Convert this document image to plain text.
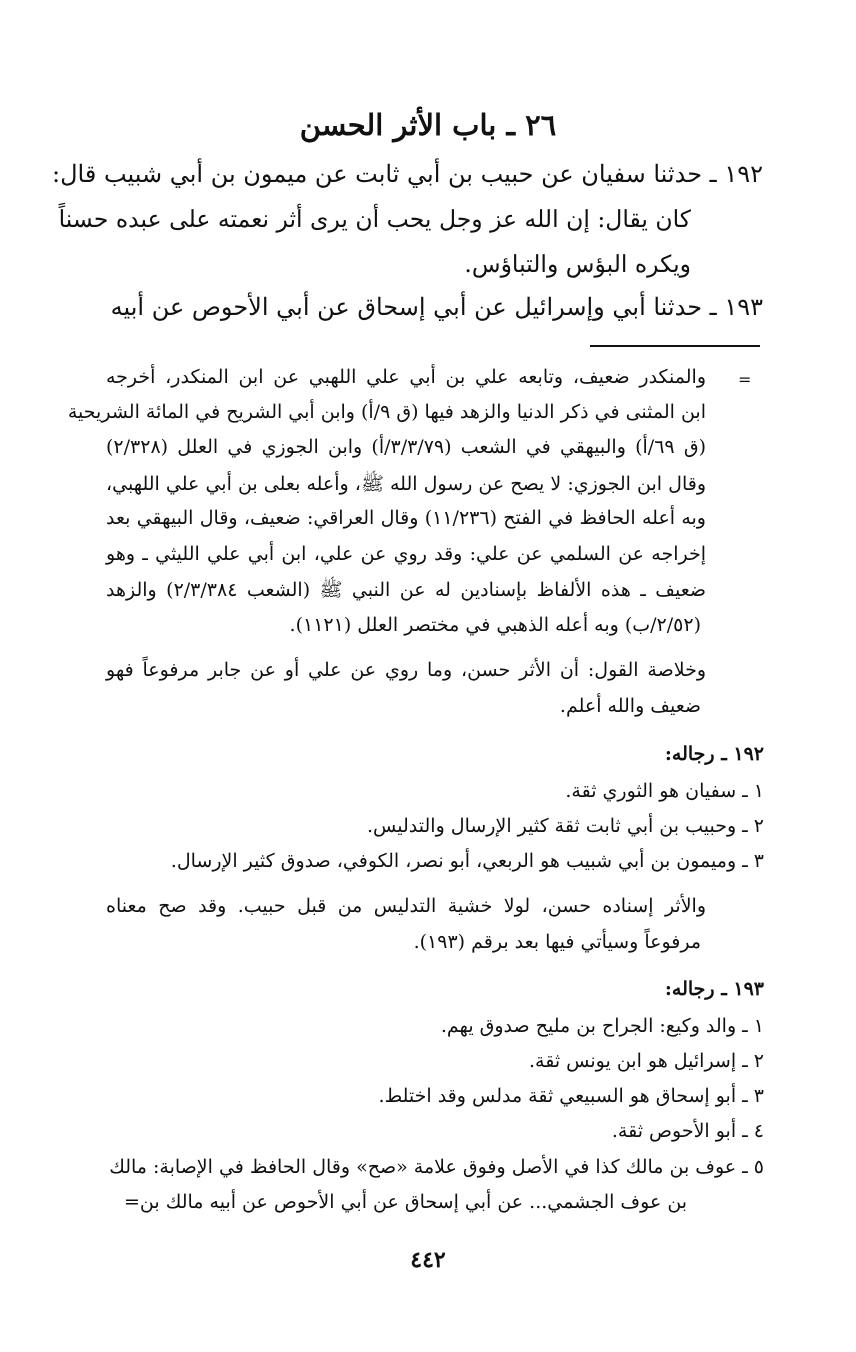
٢٦ ـ باب الأثر الحسن
١٩٢ ـ حدثنا سفيان عن حبيب بن أبي ثابت عن ميمون بن أبي شبيب قال:
كان يقال: إن الله عز وجل يحب أن يرى أثر نعمته على عبده حسناً
ويكره البؤس والتباؤس.
١٩٣ ـ حدثنا أبي وإسرائيل عن أبي إسحاق عن أبي الأحوص عن أبيه
=
والمنكدر ضعيف، وتابعه علي بن أبي علي اللهبي عن ابن المنكدر، أخرجه
ابن المثنى في ذكر الدنيا والزهد فيها (ق ٩/أ) وابن أبي الشريح في المائة الشريحية
(ق ٦٩/أ) والبيهقي في الشعب (٣/٣/٧٩/أ) وابن الجوزي في العلل (٢/٣٢٨)
وقال ابن الجوزي: لا يصح عن رسول الله ﷺ، وأعله بعلى بن أبي علي اللهبي،
وبه أعله الحافظ في الفتح (١١/٢٣٦) وقال العراقي: ضعيف، وقال البيهقي بعد
إخراجه عن السلمي عن علي: وقد روي عن علي، ابن أبي علي الليثي ـ وهو
ضعيف ـ هذه الألفاظ بإسنادين له عن النبي ﷺ (الشعب ٢/٣/٣٨٤) والزهد
(٢/٥٢/ب) وبه أعله الذهبي في مختصر العلل (١١٢١).
وخلاصة القول: أن الأثر حسن، وما روي عن علي أو عن جابر مرفوعاً فهو
ضعيف والله أعلم.
١٩٢ ـ رجاله:
١ ـ سفيان هو الثوري ثقة.
٢ ـ وحبيب بن أبي ثابت ثقة كثير الإرسال والتدليس.
٣ ـ وميمون بن أبي شبيب هو الربعي، أبو نصر، الكوفي، صدوق كثير الإرسال.
والأثر إسناده حسن، لولا خشية التدليس من قبل حبيب. وقد صح معناه
مرفوعاً وسيأتي فيها بعد برقم (١٩٣).
١٩٣ ـ رجاله:
١ ـ والد وكيع: الجراح بن مليح صدوق يهم.
٢ ـ إسرائيل هو ابن يونس ثقة.
٣ ـ أبو إسحاق هو السبيعي ثقة مدلس وقد اختلط.
٤ ـ أبو الأحوص ثقة.
٥ ـ عوف بن مالك كذا في الأصل وفوق علامة «صح» وقال الحافظ في الإصابة: مالك
بن عوف الجشمي... عن أبي إسحاق عن أبي الأحوص عن أبيه مالك بن=
٤٤٢
